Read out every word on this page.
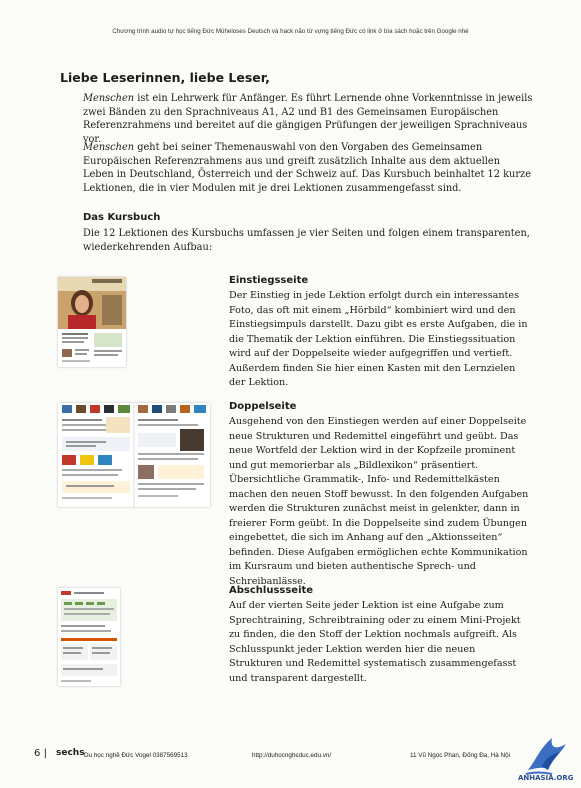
Chương trình audio tự học tiếng Đức Müheloses Deutsch và hack não từ vựng tiếng Đức có link ở bìa sách hoặc trên Google nhé
Liebe Leserinnen, liebe Leser,

Menschen ist ein Lehrwerk für Anfänger. Es führt Lernende ohne Vorkenntnisse in jeweils zwei Bänden zu den Sprachniveaus A1, A2 und B1 des Gemeinsamen Europäischen Referenzrahmens und bereitet auf die gängigen Prüfungen der jeweiligen Sprachniveaus vor.

Menschen geht bei seiner Themenauswahl von den Vorgaben des Gemeinsamen Europäischen Referenzrahmens aus und greift zusätzlich Inhalte aus dem aktuellen Leben in Deutschland, Österreich und der Schweiz auf. Das Kursbuch beinhaltet 12 kurze Lektionen, die in vier Modulen mit je drei Lektionen zusammengefasst sind.

Das Kursbuch

Die 12 Lektionen des Kursbuchs umfassen je vier Seiten und folgen einem transparenten, wiederkehrenden Aufbau:

Einstiegsseite

Der Einstieg in jede Lektion erfolgt durch ein interessantes Foto, das oft mit einem „Hörbild“ kombiniert wird und den Einstiegsimpuls darstellt. Dazu gibt es erste Aufgaben, die in die Thematik der Lektion einführen. Die Einstiegssituation wird auf der Doppelseite wieder aufgegriffen und vertieft. Außerdem finden Sie hier einen Kasten mit den Lernzielen der Lektion.

Doppelseite

Ausgehend von den Einstiegen werden auf einer Doppelseite neue Strukturen und Redemittel eingeführt und geübt. Das neue Wortfeld der Lektion wird in der Kopfzeile prominent und gut memorierbar als „Bildlexikon“ präsentiert. Übersichtliche Grammatik-, Info- und Redemittelkästen machen den neuen Stoff bewusst. In den folgenden Aufgaben werden die Strukturen zunächst meist in gelenkter, dann in freierer Form geübt. In die Doppelseite sind zudem Übungen eingebettet, die sich im Anhang auf den „Aktionsseiten“ befinden. Diese Aufgaben ermöglichen echte Kommunikation im Kursraum und bieten authentische Sprech- und Schreibanlässe.

Abschlussseite

Auf der vierten Seite jeder Lektion ist eine Aufgabe zum Sprechtraining, Schreibtraining oder zu einem Mini-Projekt zu finden, die den Stoff der Lektion nochmals aufgreift. Als Schlusspunkt jeder Lektion werden hier die neuen Strukturen und Redemittel systematisch zusammengefasst und transparent dargestellt.

6 | sechs Du học nghề Đức Vogel 0387569513	http://duhocnghєduc.edu.vn/	11 Vũ Ngọc Phan, Đống Đa, Hà Nội
ANHASIA.ORG
